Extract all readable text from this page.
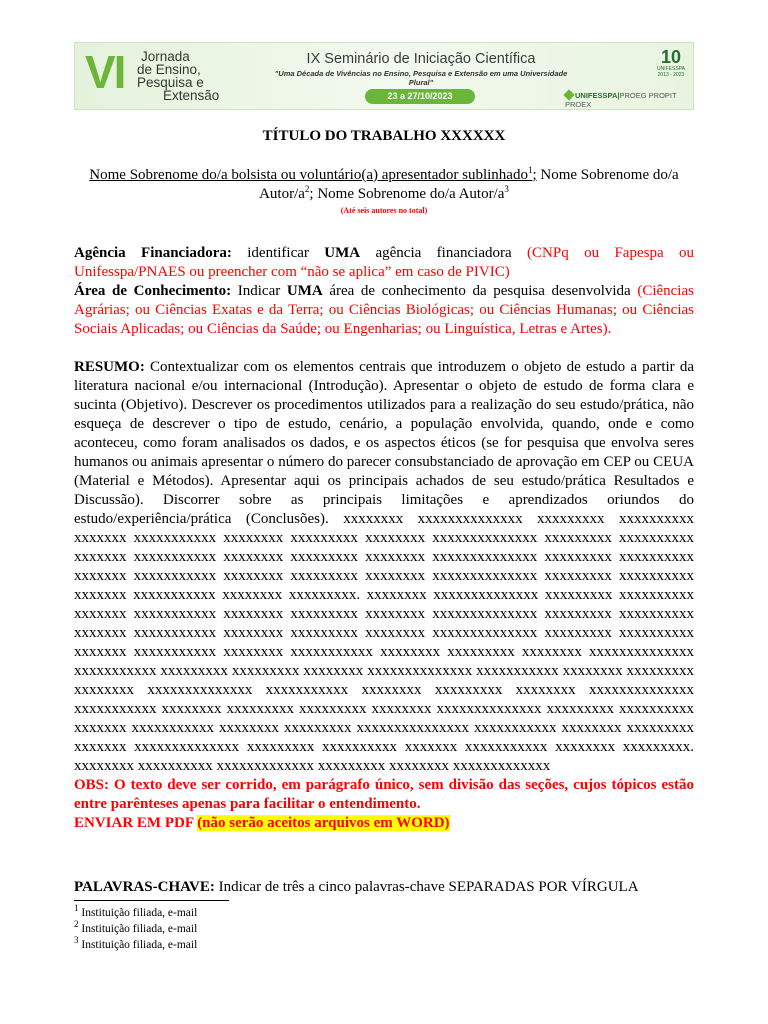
VI Jornada
de Ensino,
Pesquisa e
Extensão
IX Seminário de Iniciação Científica
"Uma Década de Vivências no Ensino, Pesquisa e Extensão em uma Universidade Plural"
23 a 27/10/2023
10
UNIFESSPA 2013 - 2023
UNIFESSPA|PROEG PROPIT PROEX
TÍTULO DO TRABALHO XXXXXX
Nome Sobrenome do/a bolsista ou voluntário(a) apresentador sublinhado$^1$; Nome Sobrenome do/a Autor/$a^2$; Nome Sobrenome do/a Autor/$a^3$
(Até seis autores no total)
Agência Financiadora: identificar UMA agência financiadora (CNPq ou Fapespa ou Unifesspa/PNAES ou preencher com “não se aplica” em caso de PIVIC)
Área de Conhecimento: Indicar UMA área de conhecimento da pesquisa desenvolvida (Ciências Agrárias; ou Ciências Exatas e da Terra; ou Ciências Biológicas; ou Ciências Humanas; ou Ciências Sociais Aplicadas; ou Ciências da Saúde; ou Engenharias; ou Linguística, Letras e Artes).
RESUMO: Contextualizar com os elementos centrais que introduzem o objeto de estudo a partir da literatura nacional e/ou internacional (Introdução). Apresentar o objeto de estudo de forma clara e sucinta (Objetivo). Descrever os procedimentos utilizados para a realização do seu estudo/prática, não esqueça de descrever o tipo de estudo, cenário, a população envolvida, quando, onde e como aconteceu, como foram analisados os dados, e os aspectos éticos (se for pesquisa que envolva seres humanos ou animais apresentar o número do parecer consubstanciado de aprovação em CEP ou CEUA (Material e Métodos). Apresentar aqui os principais achados de seu estudo/prática Resultados e Discussão). Discorrer sobre as principais limitações e aprendizados oriundos do estudo/experiência/prática (Conclusões). xxxxxxxx xxxxxxxxxxxxxx xxxxxxxxx xxxxxxxxxx xxxxxxx xxxxxxxxxxx xxxxxxxx xxxxxxxxx xxxxxxxx xxxxxxxxxxxxxx xxxxxxxxx xxxxxxxxxx xxxxxxx xxxxxxxxxxx xxxxxxxx xxxxxxxxx xxxxxxxx xxxxxxxxxxxxxx xxxxxxxxx xxxxxxxxxx xxxxxxx xxxxxxxxxxx xxxxxxxx xxxxxxxxx xxxxxxxx xxxxxxxxxxxxxx xxxxxxxxx xxxxxxxxxx xxxxxxx xxxxxxxxxxx xxxxxxxx xxxxxxxxx. xxxxxxxx xxxxxxxxxxxxxx xxxxxxxxx xxxxxxxxxx xxxxxxx xxxxxxxxxxx xxxxxxxx xxxxxxxxx xxxxxxxx xxxxxxxxxxxxxx xxxxxxxxx xxxxxxxxxx xxxxxxx xxxxxxxxxxx xxxxxxxx xxxxxxxxx xxxxxxxx xxxxxxxxxxxxxx xxxxxxxxx xxxxxxxxxx xxxxxxx xxxxxxxxxxx xxxxxxxx xxxxxxxxxxx xxxxxxxx xxxxxxxxx xxxxxxxx xxxxxxxxxxxxxx xxxxxxxxxxx xxxxxxxxx xxxxxxxxx xxxxxxxx xxxxxxxxxxxxxx xxxxxxxxxxx xxxxxxxx xxxxxxxxx xxxxxxxx xxxxxxxxxxxxxx xxxxxxxxxxx xxxxxxxx xxxxxxxxx xxxxxxxx xxxxxxxxxxxxxx xxxxxxxxxxx xxxxxxxx xxxxxxxxx xxxxxxxxx xxxxxxxx xxxxxxxxxxxxxx xxxxxxxxx xxxxxxxxxx xxxxxxx xxxxxxxxxxx xxxxxxxx xxxxxxxxx xxxxxxxxxxxxxxx xxxxxxxxxxx xxxxxxxx xxxxxxxxx xxxxxxx xxxxxxxxxxxxxx xxxxxxxxx xxxxxxxxxx xxxxxxx xxxxxxxxxxx xxxxxxxx xxxxxxxxx. xxxxxxxx xxxxxxxxxx xxxxxxxxxxxxx xxxxxxxxx xxxxxxxx xxxxxxxxxxxxx
OBS: O texto deve ser corrido, em parágrafo único, sem divisão das seções, cujos tópicos estão entre parênteses apenas para facilitar o entendimento.
ENVIAR EM PDF (não serão aceitos arquivos em WORD)
PALAVRAS-CHAVE: Indicar de três a cinco palavras-chave SEPARADAS POR VÍRGULA
$^1$ Instituição filiada, e-mail
$^2$ Instituição filiada, e-mail
$^3$ Instituição filiada, e-mail
